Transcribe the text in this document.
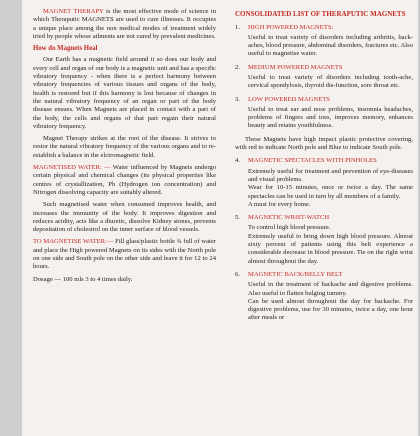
MAGNET THERAPY is the most effective mode of science in which Theraputic MAGNETS are used to cure illnesses. It occupies a unique place among the non medical modes of treatment widely tried by people whose ailments are not cured by prevalent medicines.

How do Magnets Heal

Our Earth has a magnetic field around it so does our body and every cell and organ of our body is a magnetic unit and has a specific vibratory frequency - when there is a perfect harmony between vibratory frequencies of various tissues and organs of the body, health is restored but if this harmony is lost because of changes in the natural vibratory frequency of an organ or part of the body disease ensues. When Magnets are placed in contact with a part of the body, the cells and organs of that part regain their natural vibratory frequency.

Magnet Therapy strikes at the root of the disease. It strives to restor the natural vibratory frequency of the various organs and to re-establish a balance in the elctromagnetic field.

MAGNETISED WATER: — Water influenced by Magnets undergo certain physical and chemical changes (its physical properties like centres of crystallization, Ph (Hydrogen ion concentration) and Nitrogen dissolving capacity are suitably altered.

Such magnetised water when consumed improves health, and increases the immunity of the body. It improves digestion and reduces acidity, acts like a diuretic, dissolve Kidney stones, prevents depositation of cholestrol on the inner surface of blood vessels.

TO MAGNETISE WATER:— Fill glass/plastic bottle ¾ full of water and place the High powered Magnets on its sides with the North pole on one side and South pole on the other side and leave it for 12 to 24 hours.

Dosage — 100 mls 3 to 4 times daily.

CONSOLIDATED LIST OF THERAPUTIC MAGNETS
1.	HIGH POWERED MAGNETS:
Useful to treat variety of disorders including arthritis, back-aches, blood pressure, abdominal disorders, fractures etc. Also useful to magnetise water.
2.	MEDIUM POWERED MAGNETS
Useful to treat variety of disorders including tooth-ache, cervical spondylosis, thyroid dis-function, sore throat etc.
3.	LOW POWERED MAGNETS
Useful to treat ear and nose problems, insomnia headaches, problems of fingers and toes, improves memory, enhances beauty and retains youthfulness.

These Magnets have high impact plastic protective covering, with red to indicate North pole and Blue to indicate South pole.

4.	MAGNETIC SPECTACLES WITH PINHOLES
Extremely useful for treatment and prevention of eye-diseases and visual problems.
Wear for 10-15 minutes, once or twice a day. The same spectacles can be used in turn by all members of a family.
A must for every home.
5.	MAGNETIC WRIST-WATCH
To control high blood pressure.
Extremely useful to bring down high blood pressure. Almost sixty percent of patients using this belt experience a considerable decrease in blood pressure. Tie on the right wrist almost throughout the day.
6.	MAGNETIC BACK/BELLY BELT
Useful in the treatment of backache and digestive problems. Also useful to flatten bulging tummy.
Can be used almost throughout the day for backache. For digestive problems, use for 30 minutes, twice a day, one hour after meals or
